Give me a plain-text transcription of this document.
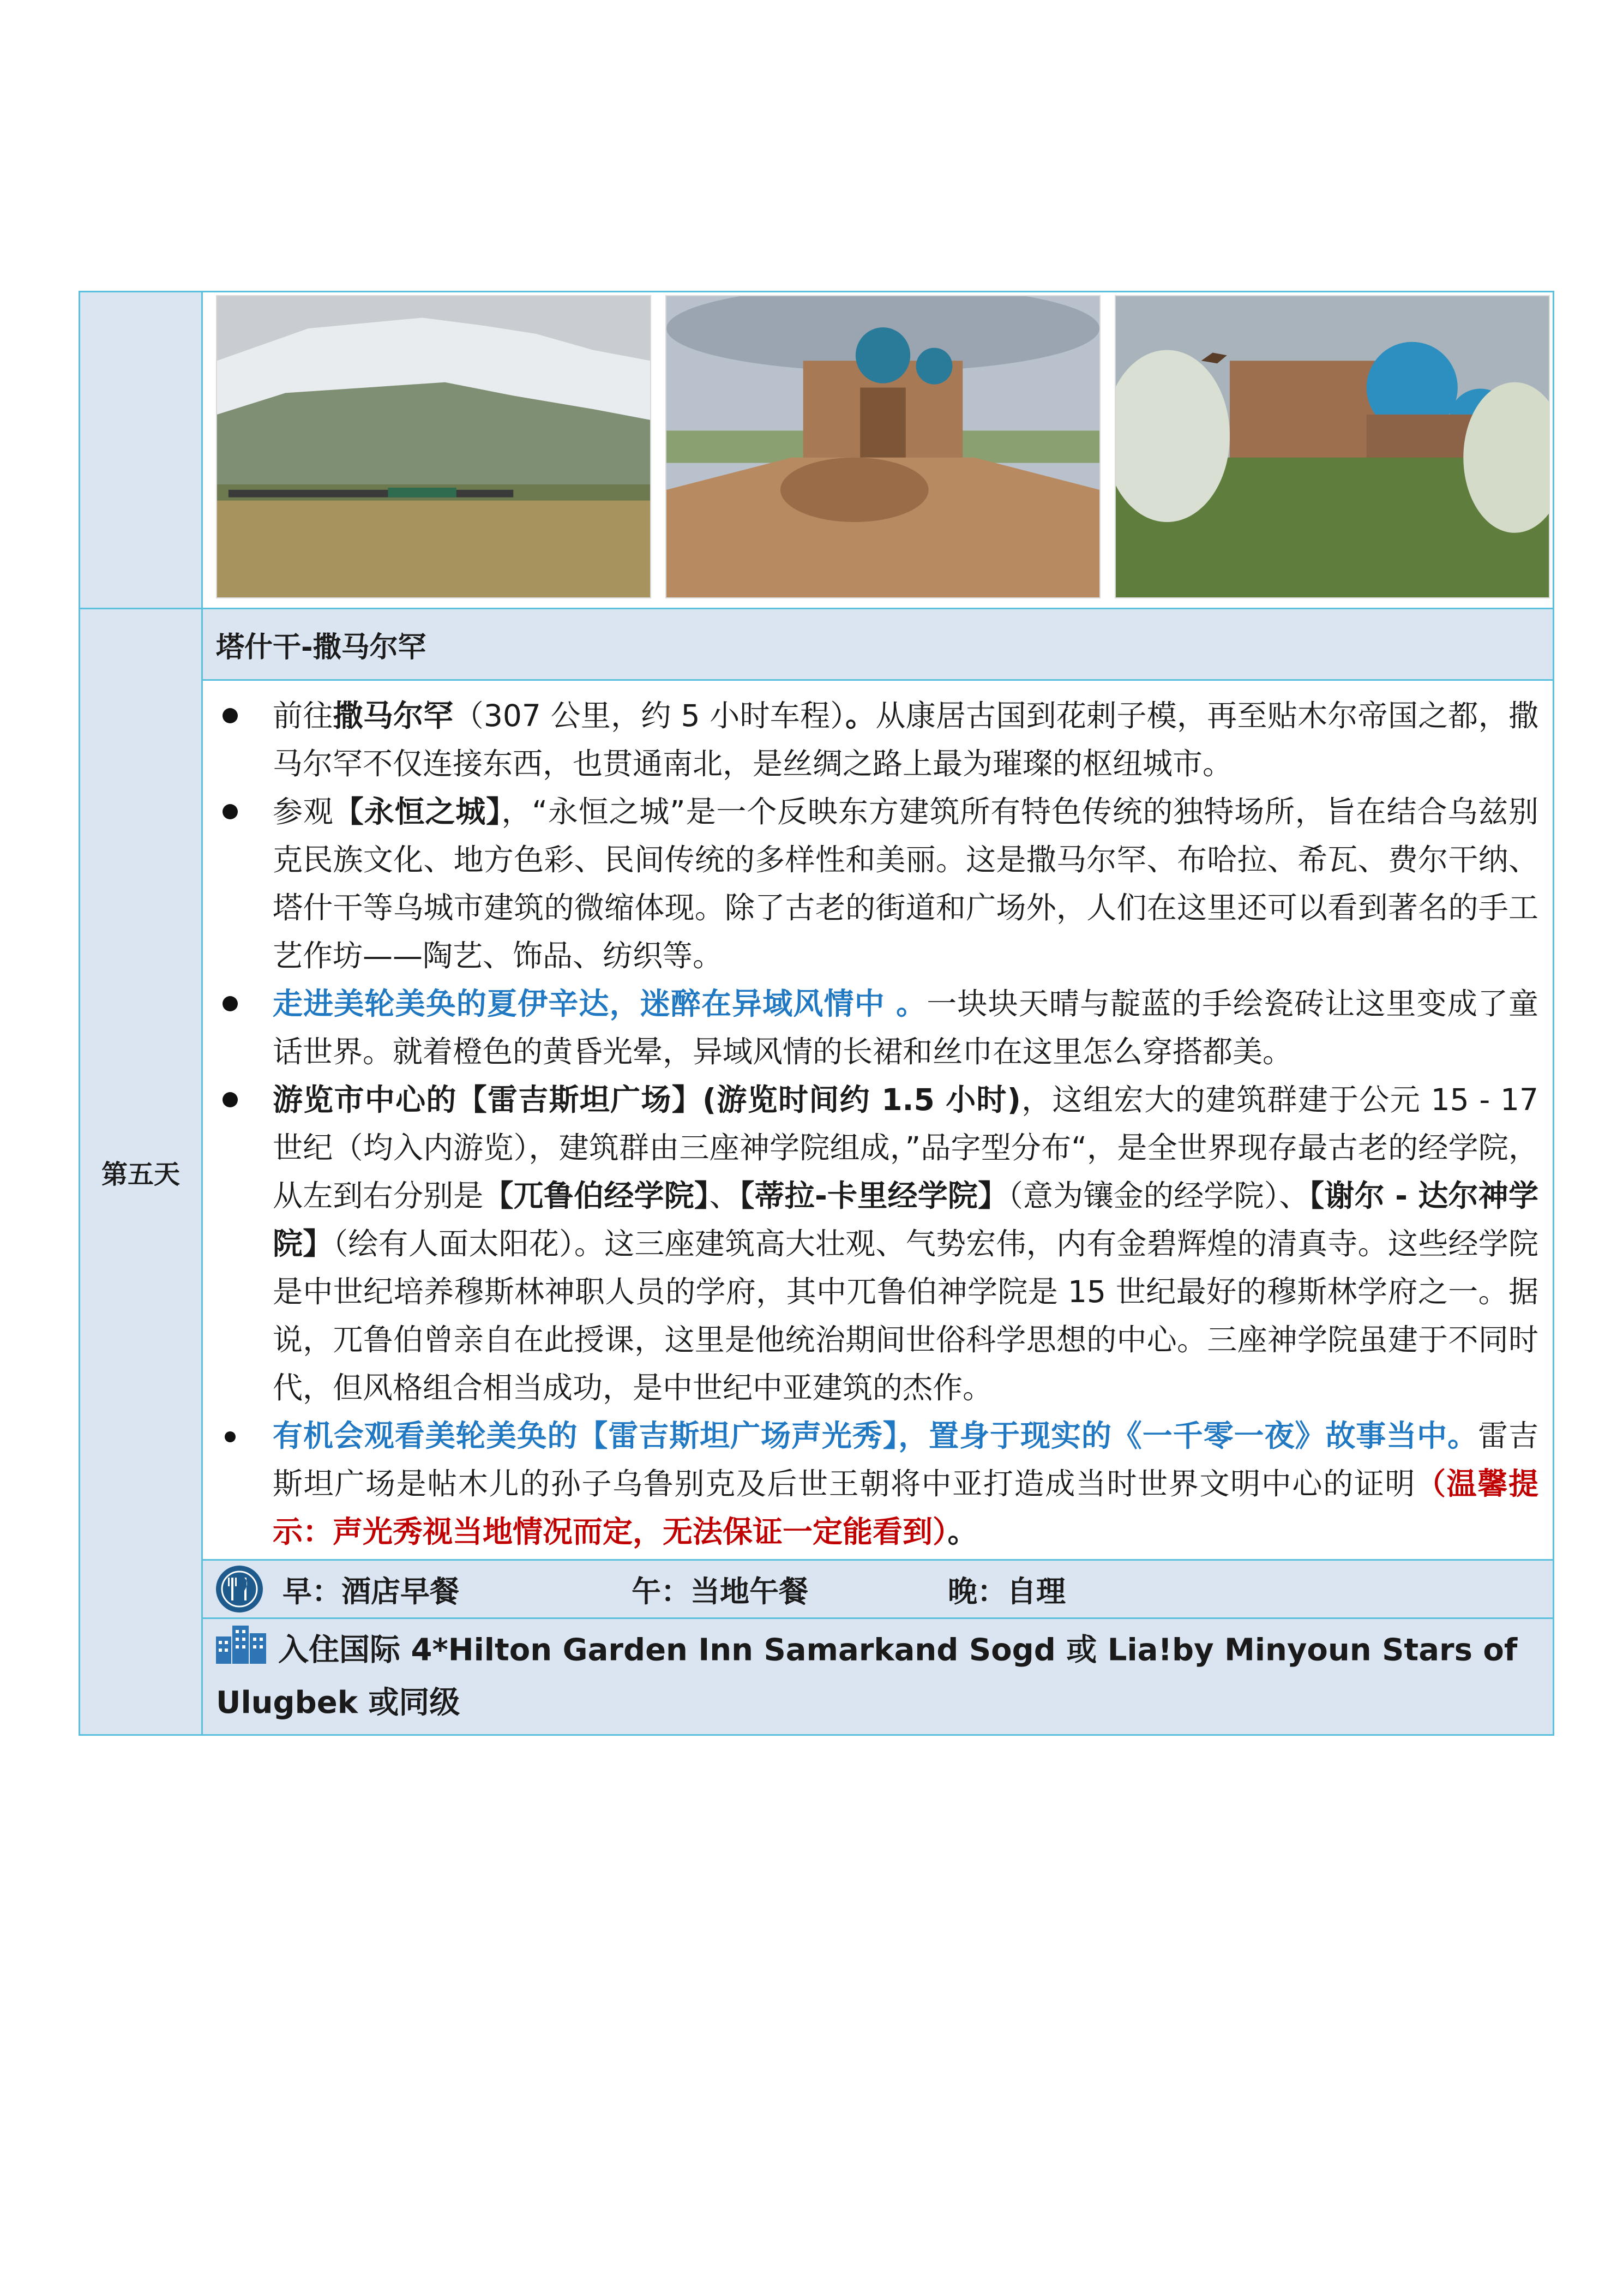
第五天	塔什干-撒马尔罕

	前往撒马尔罕（307 公里，约 5 小时车程）。从康居古国到花剌子模，再至贴木尔帝国之都，撒马尔罕不仅连接东西，也贯通南北，是丝绸之路上最为璀璨的枢纽城市。
参观【永恒之城】，“永恒之城”是一个反映东方建筑所有特色传统的独特场所，旨在结合乌兹别克民族文化、地方色彩、民间传统的多样性和美丽。这是撒马尔罕、布哈拉、希瓦、费尔干纳、塔什干等乌城市建筑的微缩体现。除了古老的街道和广场外，人们在这里还可以看到著名的手工艺作坊——陶艺、饰品、纺织等。
走进美轮美奂的夏伊辛达，迷醉在异域风情中 。一块块天晴与靛蓝的手绘瓷砖让这里变成了童话世界。就着橙色的黄昏光晕，异域风情的长裙和丝巾在这里怎么穿搭都美。
游览市中心的【雷吉斯坦广场】(游览时间约 1.5 小时)，这组宏大的建筑群建于公元 15 - 17 世纪（均入内游览），建筑群由三座神学院组成，”品字型分布“，是全世界现存最古老的经学院，从左到右分别是【兀鲁伯经学院】、【蒂拉-卡里经学院】（意为镶金的经学院）、【谢尔 - 达尔神学院】（绘有人面太阳花）。这三座建筑高大壮观、气势宏伟，内有金碧辉煌的清真寺。这些经学院是中世纪培养穆斯林神职人员的学府，其中兀鲁伯神学院是 15 世纪最好的穆斯林学府之一。据说，兀鲁伯曾亲自在此授课，这里是他统治期间世俗科学思想的中心。三座神学院虽建于不同时代，但风格组合相当成功，是中世纪中亚建筑的杰作。
有机会观看美轮美奂的【雷吉斯坦广场声光秀】，置身于现实的《一千零一夜》故事当中。雷吉斯坦广场是帖木儿的孙子乌鲁别克及后世王朝将中亚打造成当时世界文明中心的证明（温馨提示：声光秀视当地情况而定，无法保证一定能看到）。

	早：酒店早餐 午：当地午餐 晚：自理

	入住国际 4*Hilton Garden Inn Samarkand Sogd 或 Lia!by Minyoun Stars of Ulugbek 或同级
